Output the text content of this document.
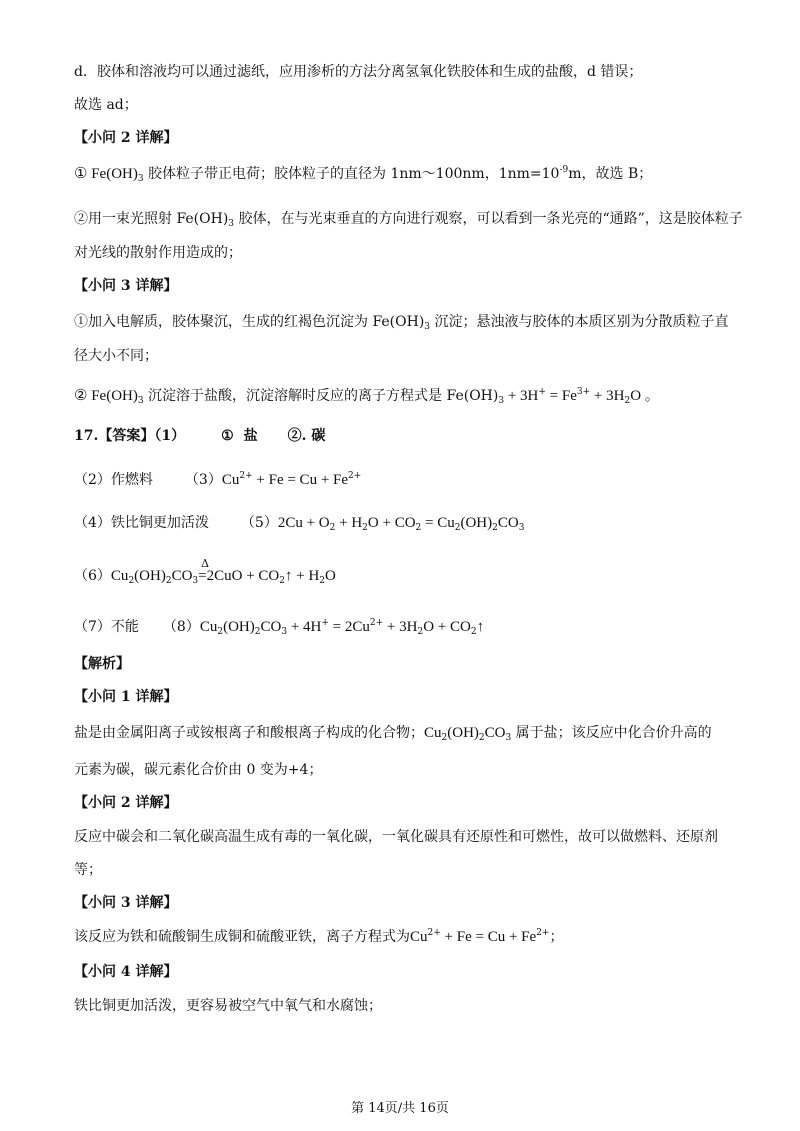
d．胶体和溶液均可以通过滤纸，应用渗析的方法分离氢氧化铁胶体和生成的盐酸，d 错误；
故选 ad；
【小问 2 详解】
① $Fe(OH)_3$ 胶体粒子带正电荷；胶体粒子的直径为 1nm～100nm，$1nm=10^{-9}m$，故选 B；
②用一束光照射 $Fe(OH)_3$ 胶体，在与光束垂直的方向进行观察，可以看到一条光亮的“通路”，这是胶体粒子
对光线的散射作用造成的；
【小问 3 详解】
①加入电解质，胶体聚沉，生成的红褐色沉淀为 $Fe(OH)_3$ 沉淀；悬浊液与胶体的本质区别为分散质粒子直
径大小不同；
② $Fe(OH)_3$ 沉淀溶于盐酸，沉淀溶解时反应的离子方程式是 $Fe(OH)_3 + 3H^+ = Fe^{3+} + 3H_2O$ 。
17.【答案】（1）	① 盐 ②. 碳
（2）作燃料 $(3)Cu^{2+} + Fe = Cu + Fe^{2+}$
（4）铁比铜更加活泼 $(5)2Cu + O_2 + H_2O + CO_2 = Cu_2(OH)_2CO_3$
$(6)Cu_2(OH)_2CO_3$
Δ
$=2CuO + CO_2↑ + H_2O$
（7）不能 $(8)Cu_2(OH)_2CO_3 + 4H^+ = 2Cu^{2+} + 3H_2O$ + $CO_2↑$
【解析】
【小问 1 详解】
盐是由金属阳离子或铵根离子和酸根离子构成的化合物；$Cu_2(OH)_2CO_3$ 属于盐；该反应中化合价升高的
元素为碳，碳元素化合价由 0 变为+4；
【小问 2 详解】
反应中碳会和二氧化碳高温生成有毒的一氧化碳，一氧化碳具有还原性和可燃性，故可以做燃料、还原剂
等；
【小问 3 详解】
该反应为铁和硫酸铜生成铜和硫酸亚铁，离子方程式为$Cu^{2+} + Fe = Cu + Fe^{2+}$；
【小问 4 详解】
铁比铜更加活泼，更容易被空气中氧气和水腐蚀；
第 14页/共 16页
